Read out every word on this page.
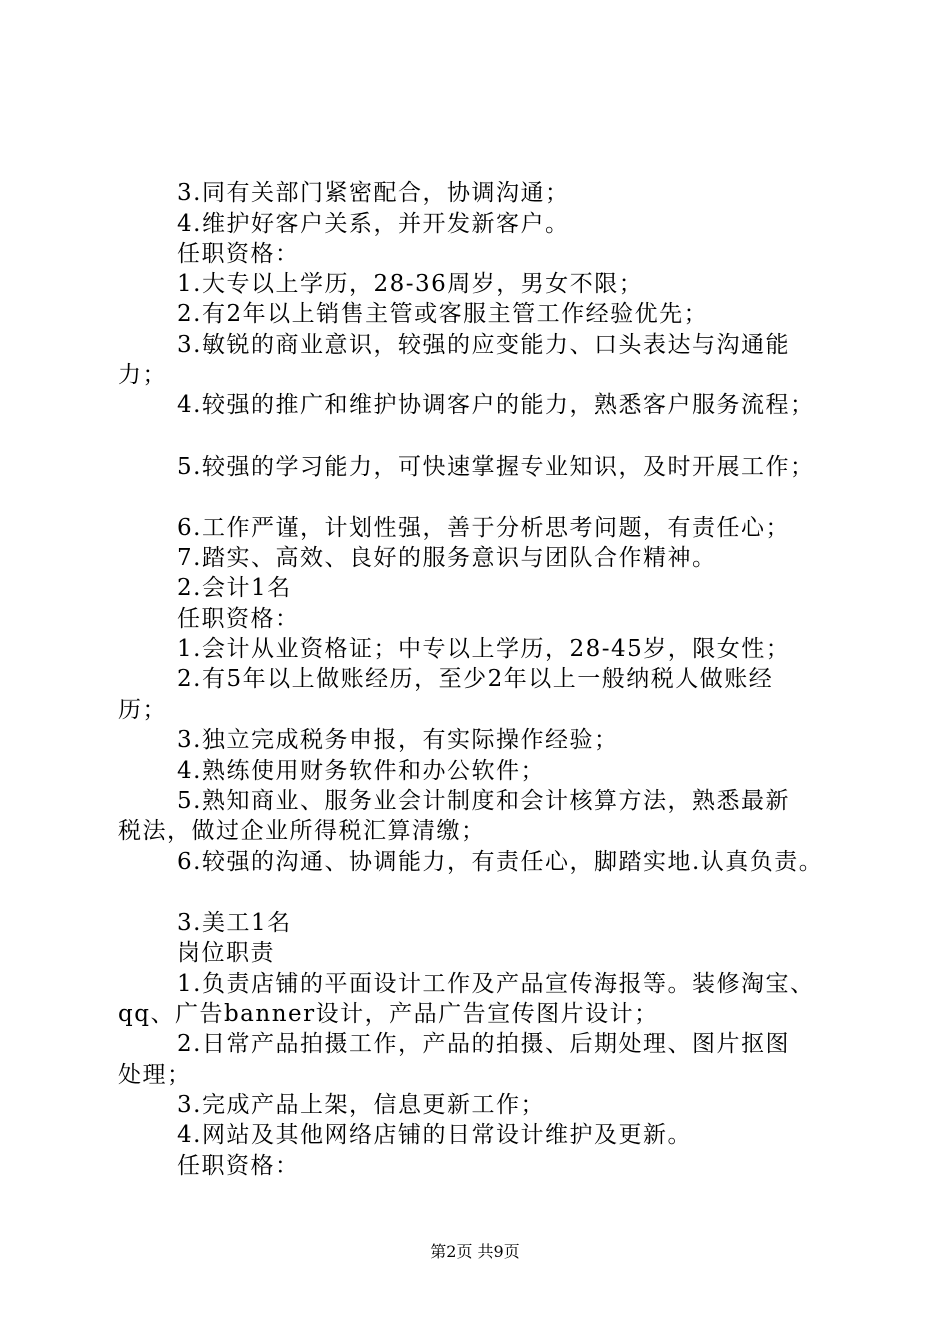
3.同有关部门紧密配合，协调沟通；
4.维护好客户关系，并开发新客户。
任职资格：
1.大专以上学历，28-36周岁，男女不限；
2.有2年以上销售主管或客服主管工作经验优先；
3.敏锐的商业意识，较强的应变能力、口头表达与沟通能
力；
4.较强的推广和维护协调客户的能力，熟悉客户服务流程；
5.较强的学习能力，可快速掌握专业知识，及时开展工作；
6.工作严谨，计划性强，善于分析思考问题，有责任心；
7.踏实、高效、良好的服务意识与团队合作精神。
2.会计1名
任职资格：
1.会计从业资格证；中专以上学历，28-45岁，限女性；
2.有5年以上做账经历，至少2年以上一般纳税人做账经
历；
3.独立完成税务申报，有实际操作经验；
4.熟练使用财务软件和办公软件；
5.熟知商业、服务业会计制度和会计核算方法，熟悉最新
税法，做过企业所得税汇算清缴；
6.较强的沟通、协调能力，有责任心，脚踏实地.认真负责。
3.美工1名
岗位职责
1.负责店铺的平面设计工作及产品宣传海报等。装修淘宝、
qq、广告banner设计，产品广告宣传图片设计；
2.日常产品拍摄工作，产品的拍摄、后期处理、图片抠图
处理；
3.完成产品上架，信息更新工作；
4.网站及其他网络店铺的日常设计维护及更新。
任职资格：
第2页 共9页
